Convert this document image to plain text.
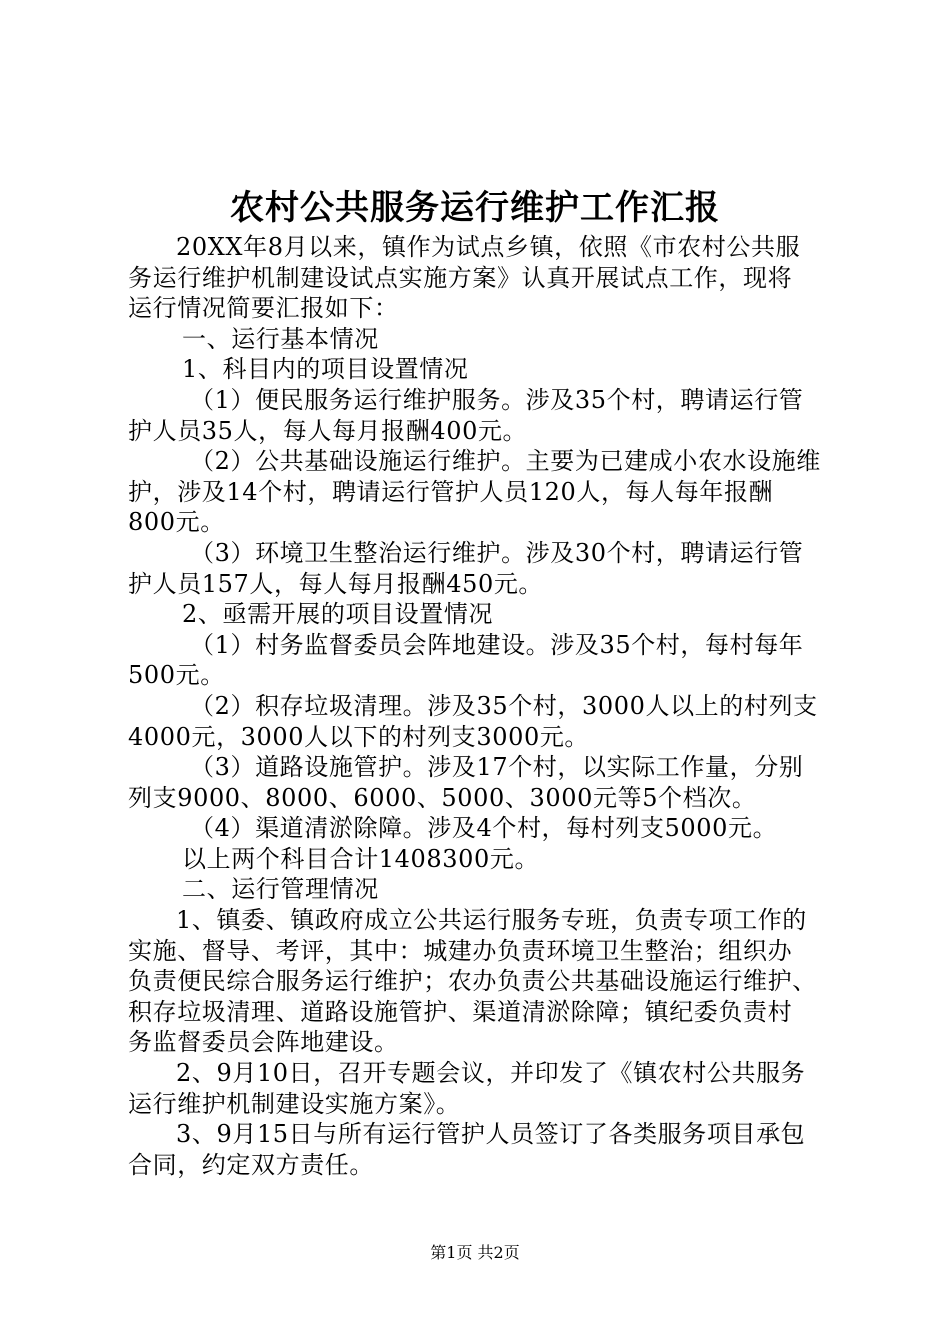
农村公共服务运行维护工作汇报
20XX年8月以来，镇作为试点乡镇，依照《市农村公共服
务运行维护机制建设试点实施方案》认真开展试点工作，现将
运行情况简要汇报如下：
一、运行基本情况
1、科目内的项目设置情况
（1）便民服务运行维护服务。涉及35个村，聘请运行管
护人员35人，每人每月报酬400元。
（2）公共基础设施运行维护。主要为已建成小农水设施维
护，涉及14个村，聘请运行管护人员120人，每人每年报酬
800元。
（3）环境卫生整治运行维护。涉及30个村，聘请运行管
护人员157人，每人每月报酬450元。
2、亟需开展的项目设置情况
（1）村务监督委员会阵地建设。涉及35个村，每村每年
500元。
（2）积存垃圾清理。涉及35个村，3000人以上的村列支
4000元，3000人以下的村列支3000元。
（3）道路设施管护。涉及17个村，以实际工作量，分别
列支9000、8000、6000、5000、3000元等5个档次。
（4）渠道清淤除障。涉及4个村，每村列支5000元。
以上两个科目合计1408300元。
二、运行管理情况
1、镇委、镇政府成立公共运行服务专班，负责专项工作的
实施、督导、考评，其中：城建办负责环境卫生整治；组织办
负责便民综合服务运行维护；农办负责公共基础设施运行维护、
积存垃圾清理、道路设施管护、渠道清淤除障；镇纪委负责村
务监督委员会阵地建设。
2、9月10日，召开专题会议，并印发了《镇农村公共服务
运行维护机制建设实施方案》。
3、9月15日与所有运行管护人员签订了各类服务项目承包
合同，约定双方责任。
第1页 共2页
